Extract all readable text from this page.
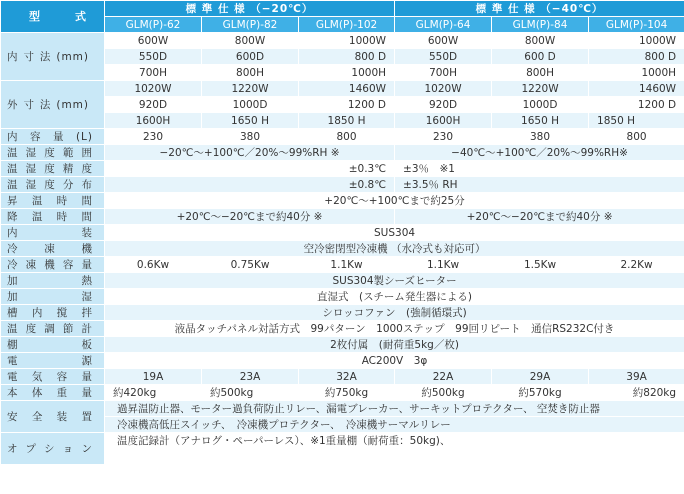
型　式	標 準 仕 様 （−20℃）			標 準 仕 様 （−40℃）		
	GLM(P)-62	GLM(P)-82	GLM(P)-102	GLM(P)-64	GLM(P)-84	GLM(P)-104

内寸法(mm)	600W	800W	1000W	600W	800W	1000W
	550D	600D	800 D	550D	600 D	800 D
	700H	800H	1000H	700H	800H	1000H

外寸法(mm)	1020W	1220W	1460W	1020W	1220W	1460W
	920D	1000D	1200 D	920D	1000D	1200 D
	1600H	1650 H	1850 H	1600H	1650 H	1850 H

内容量(L)	230	380	800	230	380	800

温湿度範囲	−20℃〜+100℃／20%〜99%RH ※			−40℃〜+100℃／20%〜99%RH※		

温湿度精度	±0.3℃			±3％　※1		

温湿度分布	±0.8℃			±3.5％ RH		

昇温時間	+20℃〜+100℃まで約25分					

降温時間	+20℃〜−20℃まで約40分 ※			+20℃〜−20℃まで約40分 ※		

内装	SUS304					

冷凍機	空冷密閉型冷凍機 （水冷式も対応可）					

冷凍機容量	0.6Kw	0.75Kw	1.1Kw	1.1Kw	1.5Kw	2.2Kw

加熱	SUS304製シーズヒーター					

加湿	直湿式　(スチーム発生器による)					

槽内撹拌	シロッコファン　(強制循環式)					

温度調節計	液晶タッチパネル対話方式　99パターン　1000ステップ　99回リピート　通信RS232C付き					

棚板	2枚付属　(耐荷重5kg／枚)					

電源	AC200V　3φ					

電気容量	19A	23A	32A	22A	29A	39A

本体重量	約420kg	約500kg	約750kg	約500kg	約570kg	約820kg

安全装置	過昇温防止器、モーター過負荷防止リレー、漏電ブレーカー、サーキットプロテクター、 空焚き防止器					
	冷凍機高低圧スイッチ、　冷凍機プロテクター、　冷凍機サーマルリレー					

オプション	温度記録計（アナログ・ペーパーレス）、※1重量棚（耐荷重：50kg)、					
